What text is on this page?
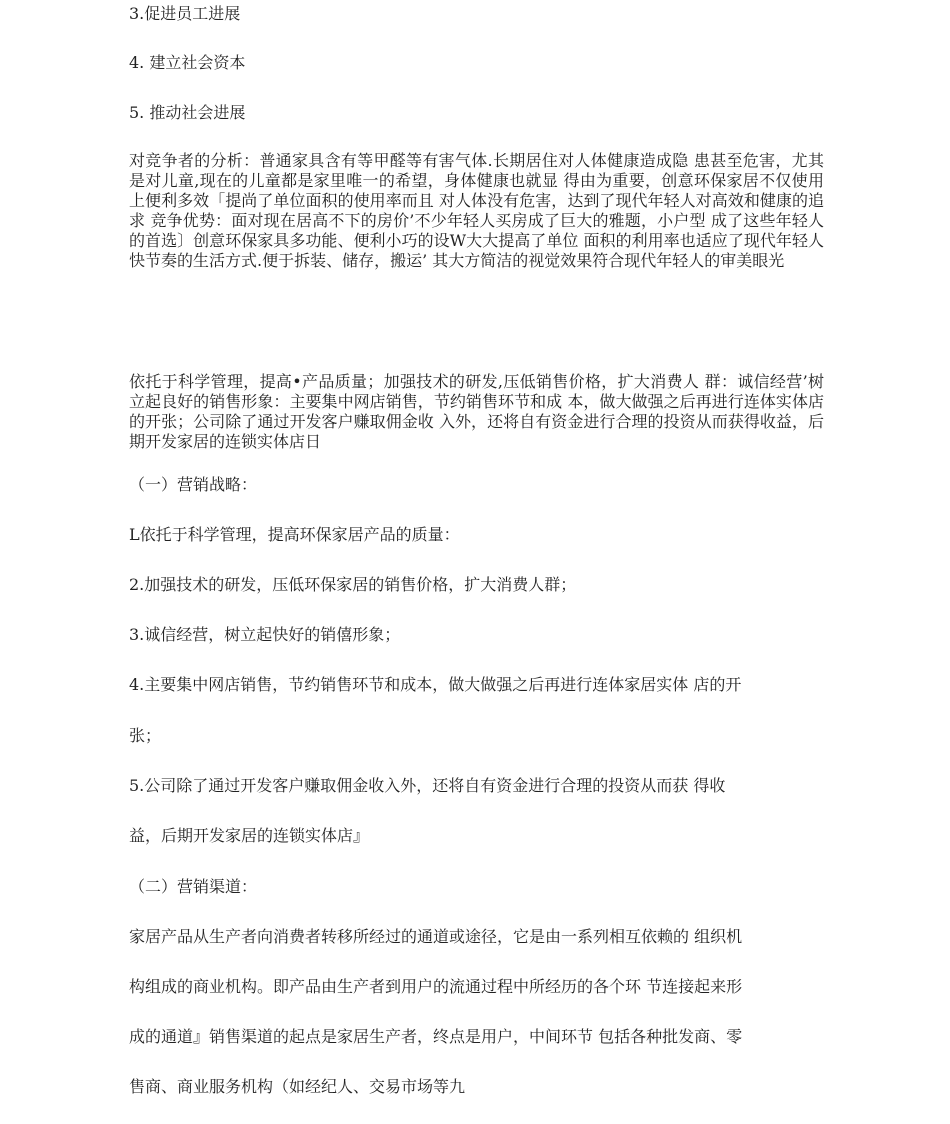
3.促进员工进展

4. 建立社会资本

5. 推动社会进展

对竞争者的分析：普通家具含有等甲醛等有害气体.长期居住对人体健康造成隐 患甚至危害，尤其是对儿童,现在的儿童都是家里唯一的希望，身体健康也就显 得由为重要，创意环保家居不仅使用上便利多效「提尚了单位面积的使用率而且 对人体没有危害，达到了现代年轻人对高效和健康的追求 竞争优势：面对现在居高不下的房价’不少年轻人买房成了巨大的雅题，小户型 成了这些年轻人的首选〕创意环保家具多功能、便利小巧的设W大大提高了单位 面积的利用率也适应了现代年轻人快节奏的生活方式.便于拆装、储存，搬运’ 其大方简洁的视觉效果符合现代年轻人的审美眼光

依托于科学管理，提高•产品质量；加强技术的研发,压低销售价格，扩大消费人 群：诚信经营’树立起良好的销售形象：主要集中网店销售，节约销售环节和成 本，做大做强之后再进行连体实体店的开张；公司除了通过开发客户赚取佣金收 入外，还将自有资金进行合理的投资从而获得收益，后期开发家居的连锁实体店日

（一）营销战略：

L依托于科学管理，提高环保家居产品的质量：

2.加强技术的研发，压低环保家居的销售价格，扩大消费人群；

3.诚信经营，树立起快好的销僖形象；

4.主要集中网店销售，节约销售环节和成本，做大做强之后再进行连体家居实体 店的开

张；

5.公司除了通过开发客户赚取佣金收入外，还将自有资金进行合理的投资从而获 得收

益，后期开发家居的连锁实体店』

（二）营销渠道：

家居产品从生产者向消费者转移所经过的通道或途径，它是由一系列相互依赖的 组织机

构组成的商业机构。即产品由生产者到用户的流通过程中所经历的各个环 节连接起来形

成的通道』销售渠道的起点是家居生产者，终点是用户，中间环节 包括各种批发商、零

售商、商业服务机构（如经纪人、交易市场等九
